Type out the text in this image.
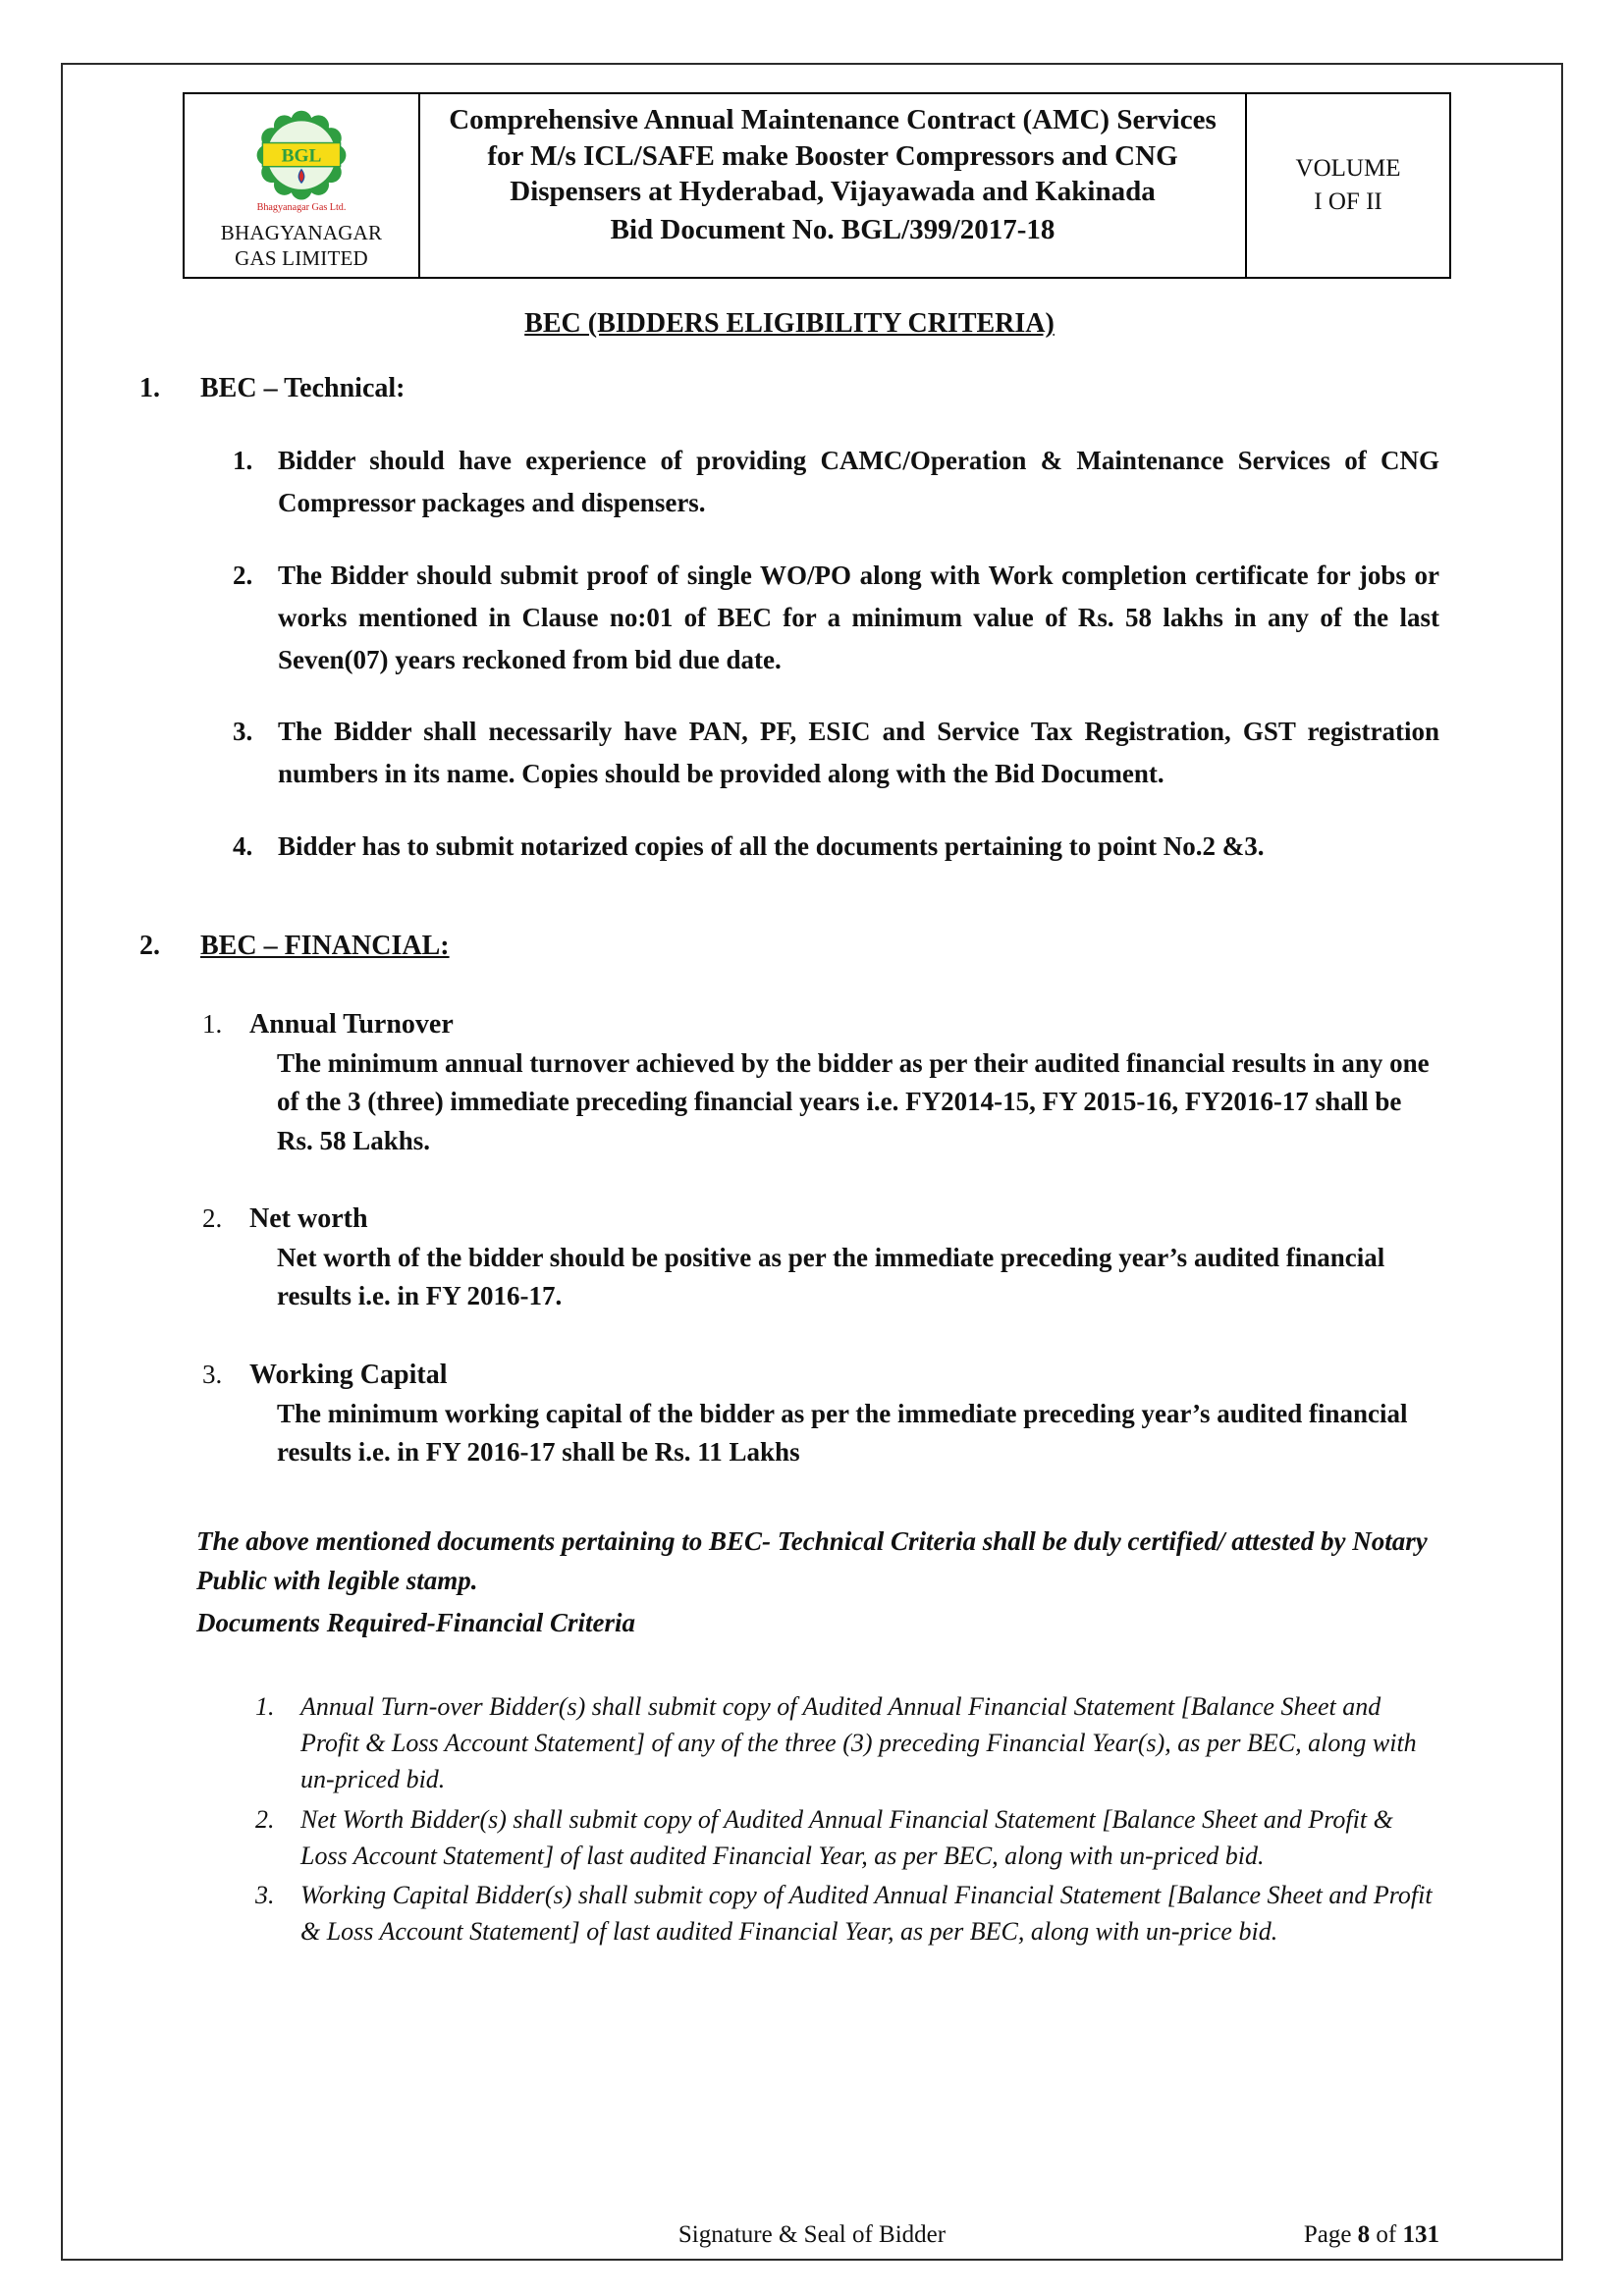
BGL
Bhagyanagar Gas Ltd.
BHAGYANAGAR
GAS LIMITED
Comprehensive Annual Maintenance Contract (AMC) Services for M/s ICL/SAFE make Booster Compressors and CNG Dispensers at Hyderabad, Vijayawada and Kakinada
Bid Document No. BGL/399/2017-18
VOLUME
I OF II
BEC (BIDDERS ELIGIBILITY CRITERIA)
1.	BEC – Technical:
1. Bidder should have experience of providing CAMC/Operation & Maintenance Services of CNG Compressor packages and dispensers.
2. The Bidder should submit proof of single WO/PO along with Work completion certificate for jobs or works mentioned in Clause no:01 of BEC for a minimum value of Rs. 58 lakhs in any of the last Seven(07) years reckoned from bid due date.
3. The Bidder shall necessarily have PAN, PF, ESIC and Service Tax Registration, GST registration numbers in its name. Copies should be provided along with the Bid Document.
4. Bidder has to submit notarized copies of all the documents pertaining to point No.2 &3.
2.	BEC – FINANCIAL:
1. Annual Turnover
The minimum annual turnover achieved by the bidder as per their audited financial results in any one of the 3 (three) immediate preceding financial years i.e. FY2014-15, FY 2015-16, FY2016-17 shall be Rs. 58 Lakhs.
2. Net worth
Net worth of the bidder should be positive as per the immediate preceding year’s audited financial results i.e. in FY 2016-17.
3. Working Capital
The minimum working capital of the bidder as per the immediate preceding year’s audited financial results i.e. in FY 2016-17 shall be Rs. 11 Lakhs
The above mentioned documents pertaining to BEC- Technical Criteria shall be duly certified/ attested by Notary Public with legible stamp.
Documents Required-Financial Criteria
1.	Annual Turn-over Bidder(s) shall submit copy of Audited Annual Financial Statement [Balance Sheet and Profit & Loss Account Statement] of any of the three (3) preceding Financial Year(s), as per BEC, along with un-priced bid.
2.	Net Worth Bidder(s) shall submit copy of Audited Annual Financial Statement [Balance Sheet and Profit & Loss Account Statement] of last audited Financial Year, as per BEC, along with un-priced bid.
3.	Working Capital Bidder(s) shall submit copy of Audited Annual Financial Statement [Balance Sheet and Profit & Loss Account Statement] of last audited Financial Year, as per BEC, along with un-price bid.
Signature & Seal of Bidder	Page 8 of 131
